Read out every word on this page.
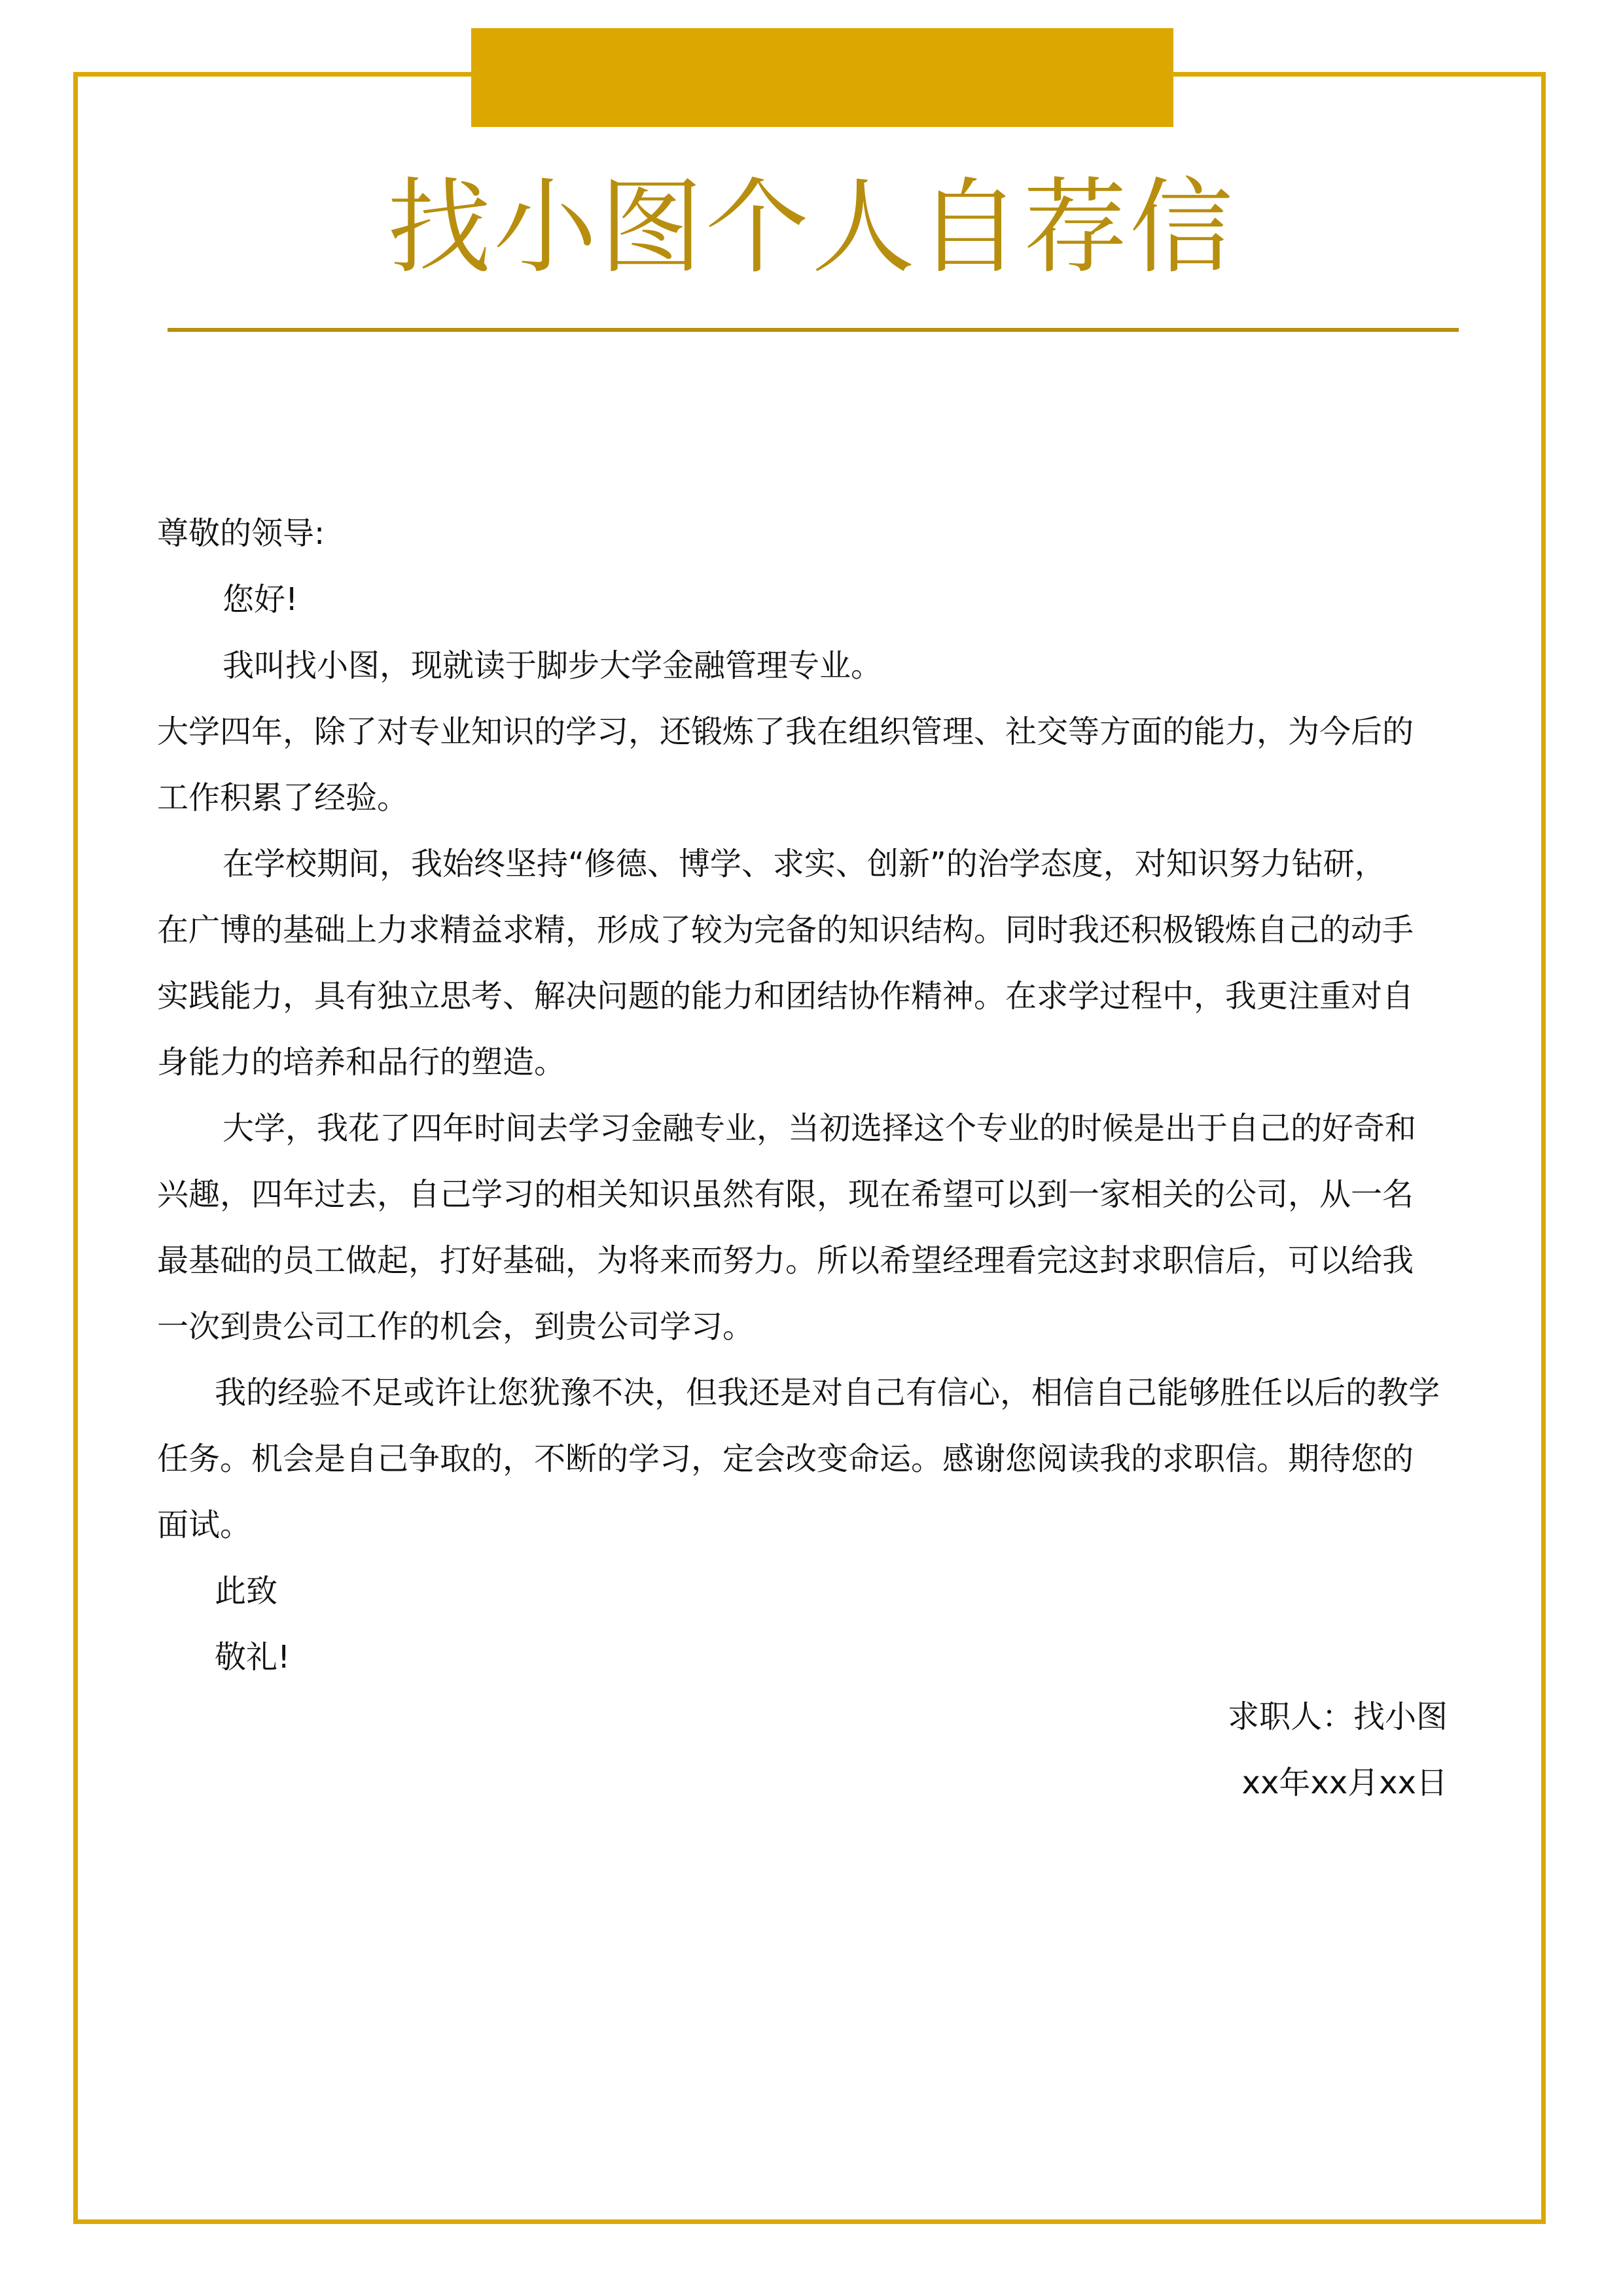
找小图个人自荐信

尊敬的领导:

您好!

我叫找小图，现就读于脚步大学金融管理专业。

大学四年，除了对专业知识的学习，还锻炼了我在组织管理、社交等方面的能力，为今后的

工作积累了经验。

在学校期间，我始终坚持“修德、博学、求实、创新”的治学态度，对知识努力钻研，

在广博的基础上力求精益求精，形成了较为完备的知识结构。同时我还积极锻炼自己的动手

实践能力，具有独立思考、解决问题的能力和团结协作精神。在求学过程中，我更注重对自

身能力的培养和品行的塑造。

大学，我花了四年时间去学习金融专业，当初选择这个专业的时候是出于自己的好奇和

兴趣，四年过去，自己学习的相关知识虽然有限，现在希望可以到一家相关的公司，从一名

最基础的员工做起，打好基础，为将来而努力。所以希望经理看完这封求职信后，可以给我

一次到贵公司工作的机会，到贵公司学习。

我的经验不足或许让您犹豫不决，但我还是对自己有信心，相信自己能够胜任以后的教学

任务。机会是自己争取的，不断的学习，定会改变命运。感谢您阅读我的求职信。期待您的

面试。

此致

敬礼!

求职人：找小图
xx年xx月xx日
